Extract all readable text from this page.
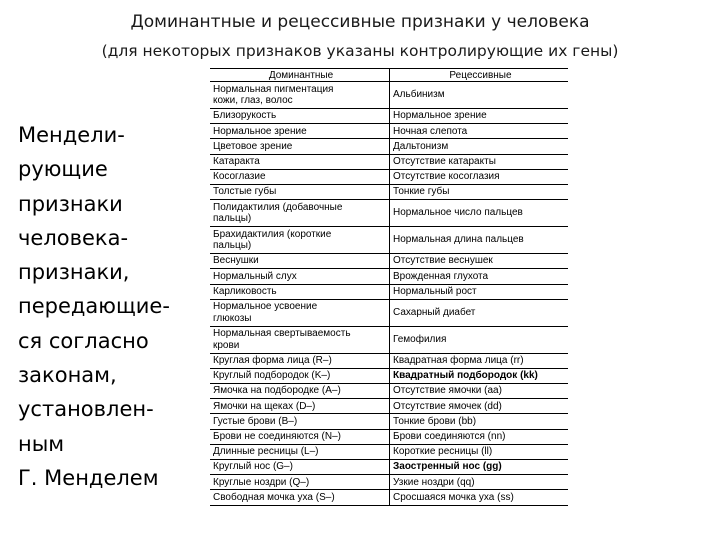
Доминантные и рецессивные признаки у человека
(для некоторых признаков указаны контролирующие их гены)
Мендели-
рующие
признаки
человека-
признаки,
передающие-
ся согласно
законам,
установлен-
ным
Г. Менделем
Доминантные	Рецессивные
Нормальная пигментация
кожи, глаз, волос	Альбинизм
Близорукость	Нормальное зрение
Нормальное зрение	Ночная слепота
Цветовое зрение	Дальтонизм
Катаракта	Отсутствие катаракты
Косоглазие	Отсутствие косоглазия
Толстые губы	Тонкие губы
Полидактилия (добавочные
пальцы)	Нормальное число пальцев
Брахидактилия (короткие
пальцы)	Нормальная длина пальцев
Веснушки	Отсутствие веснушек
Нормальный слух	Врожденная глухота
Карликовость	Нормальный рост
Нормальное усвоение
глюкозы	Сахарный диабет
Нормальная свертываемость
крови	Гемофилия
Круглая форма лица (R–)	Квадратная форма лица (rr)
Круглый подбородок (K–)	Квадратный подбородок (kk)
Ямочка на подбородке (А–)	Отсутствие ямочки (аа)
Ямочки на щеках (D–)	Отсутствие ямочек (dd)
Густые брови (B–)	Тонкие брови (bb)
Брови не соединяются (N–)	Брови соединяются (nn)
Длинные ресницы (L–)	Короткие ресницы (ll)
Круглый нос (G–)	Заостренный нос (gg)
Круглые ноздри (Q–)	Узкие ноздри (qq)
Свободная мочка уха (S–)	Сросшаяся мочка уха (ss)
